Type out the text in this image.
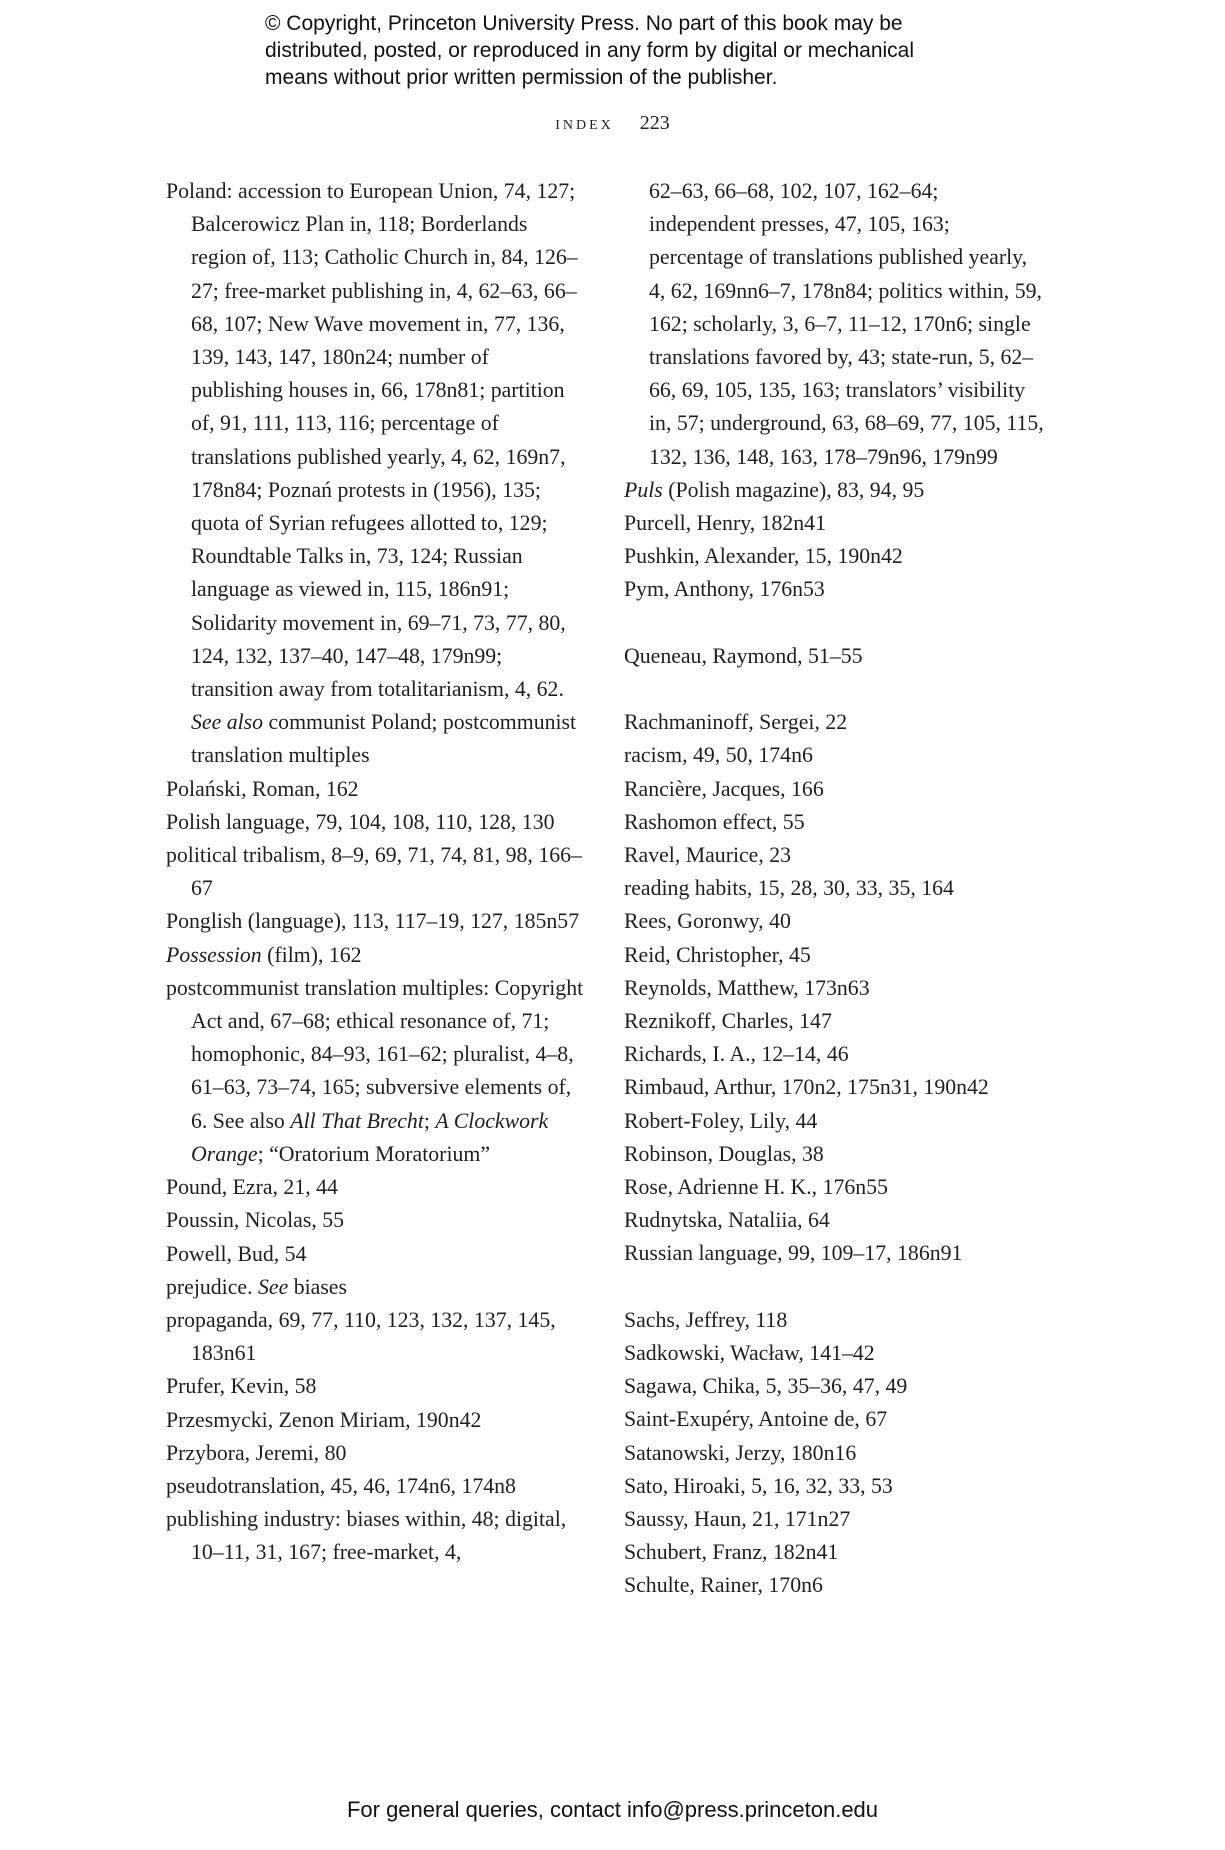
© Copyright, Princeton University Press. No part of this book may be
distributed, posted, or reproduced in any form by digital or mechanical
means without prior written permission of the publisher.
index 223
Poland: accession to European Union, 74, 127; Balcerowicz Plan in, 118; Borderlands region of, 113; Catholic Church in, 84, 126–27; free-market publishing in, 4, 62–63, 66–68, 107; New Wave movement in, 77, 136, 139, 143, 147, 180n24; number of publishing houses in, 66, 178n81; partition of, 91, 111, 113, 116; percentage of translations published yearly, 4, 62, 169n7, 178n84; Poznań protests in (1956), 135; quota of Syrian refugees allotted to, 129; Roundtable Talks in, 73, 124; Russian language as viewed in, 115, 186n91; Solidarity movement in, 69–71, 73, 77, 80, 124, 132, 137–40, 147–48, 179n99; transition away from totalitarianism, 4, 62. See also communist Poland; postcommunist translation multiples
Polański, Roman, 162
Polish language, 79, 104, 108, 110, 128, 130
political tribalism, 8–9, 69, 71, 74, 81, 98, 166–67
Ponglish (language), 113, 117–19, 127, 185n57
Possession (film), 162
postcommunist translation multiples: Copyright Act and, 67–68; ethical resonance of, 71; homophonic, 84–93, 161–62; pluralist, 4–8, 61–63, 73–74, 165; subversive elements of, 6. See also All That Brecht; A Clockwork Orange; “Oratorium Moratorium”
Pound, Ezra, 21, 44
Poussin, Nicolas, 55
Powell, Bud, 54
prejudice. See biases
propaganda, 69, 77, 110, 123, 132, 137, 145, 183n61
Prufer, Kevin, 58
Przesmycki, Zenon Miriam, 190n42
Przybora, Jeremi, 80
pseudotranslation, 45, 46, 174n6, 174n8
publishing industry: biases within, 48; digital, 10–11, 31, 167; free-market, 4,
62–63, 66–68, 102, 107, 162–64; independent presses, 47, 105, 163; percentage of translations published yearly, 4, 62, 169nn6–7, 178n84; politics within, 59, 162; scholarly, 3, 6–7, 11–12, 170n6; single translations favored by, 43; state-run, 5, 62–66, 69, 105, 135, 163; translators’ visibility in, 57; underground, 63, 68–69, 77, 105, 115, 132, 136, 148, 163, 178–79n96, 179n99
Puls (Polish magazine), 83, 94, 95
Purcell, Henry, 182n41
Pushkin, Alexander, 15, 190n42
Pym, Anthony, 176n53
Queneau, Raymond, 51–55
Rachmaninoff, Sergei, 22
racism, 49, 50, 174n6
Rancière, Jacques, 166
Rashomon effect, 55
Ravel, Maurice, 23
reading habits, 15, 28, 30, 33, 35, 164
Rees, Goronwy, 40
Reid, Christopher, 45
Reynolds, Matthew, 173n63
Reznikoff, Charles, 147
Richards, I. A., 12–14, 46
Rimbaud, Arthur, 170n2, 175n31, 190n42
Robert-Foley, Lily, 44
Robinson, Douglas, 38
Rose, Adrienne H. K., 176n55
Rudnytska, Nataliia, 64
Russian language, 99, 109–17, 186n91
Sachs, Jeffrey, 118
Sadkowski, Wacław, 141–42
Sagawa, Chika, 5, 35–36, 47, 49
Saint-Exupéry, Antoine de, 67
Satanowski, Jerzy, 180n16
Sato, Hiroaki, 5, 16, 32, 33, 53
Saussy, Haun, 21, 171n27
Schubert, Franz, 182n41
Schulte, Rainer, 170n6
For general queries, contact info@press.princeton.edu
